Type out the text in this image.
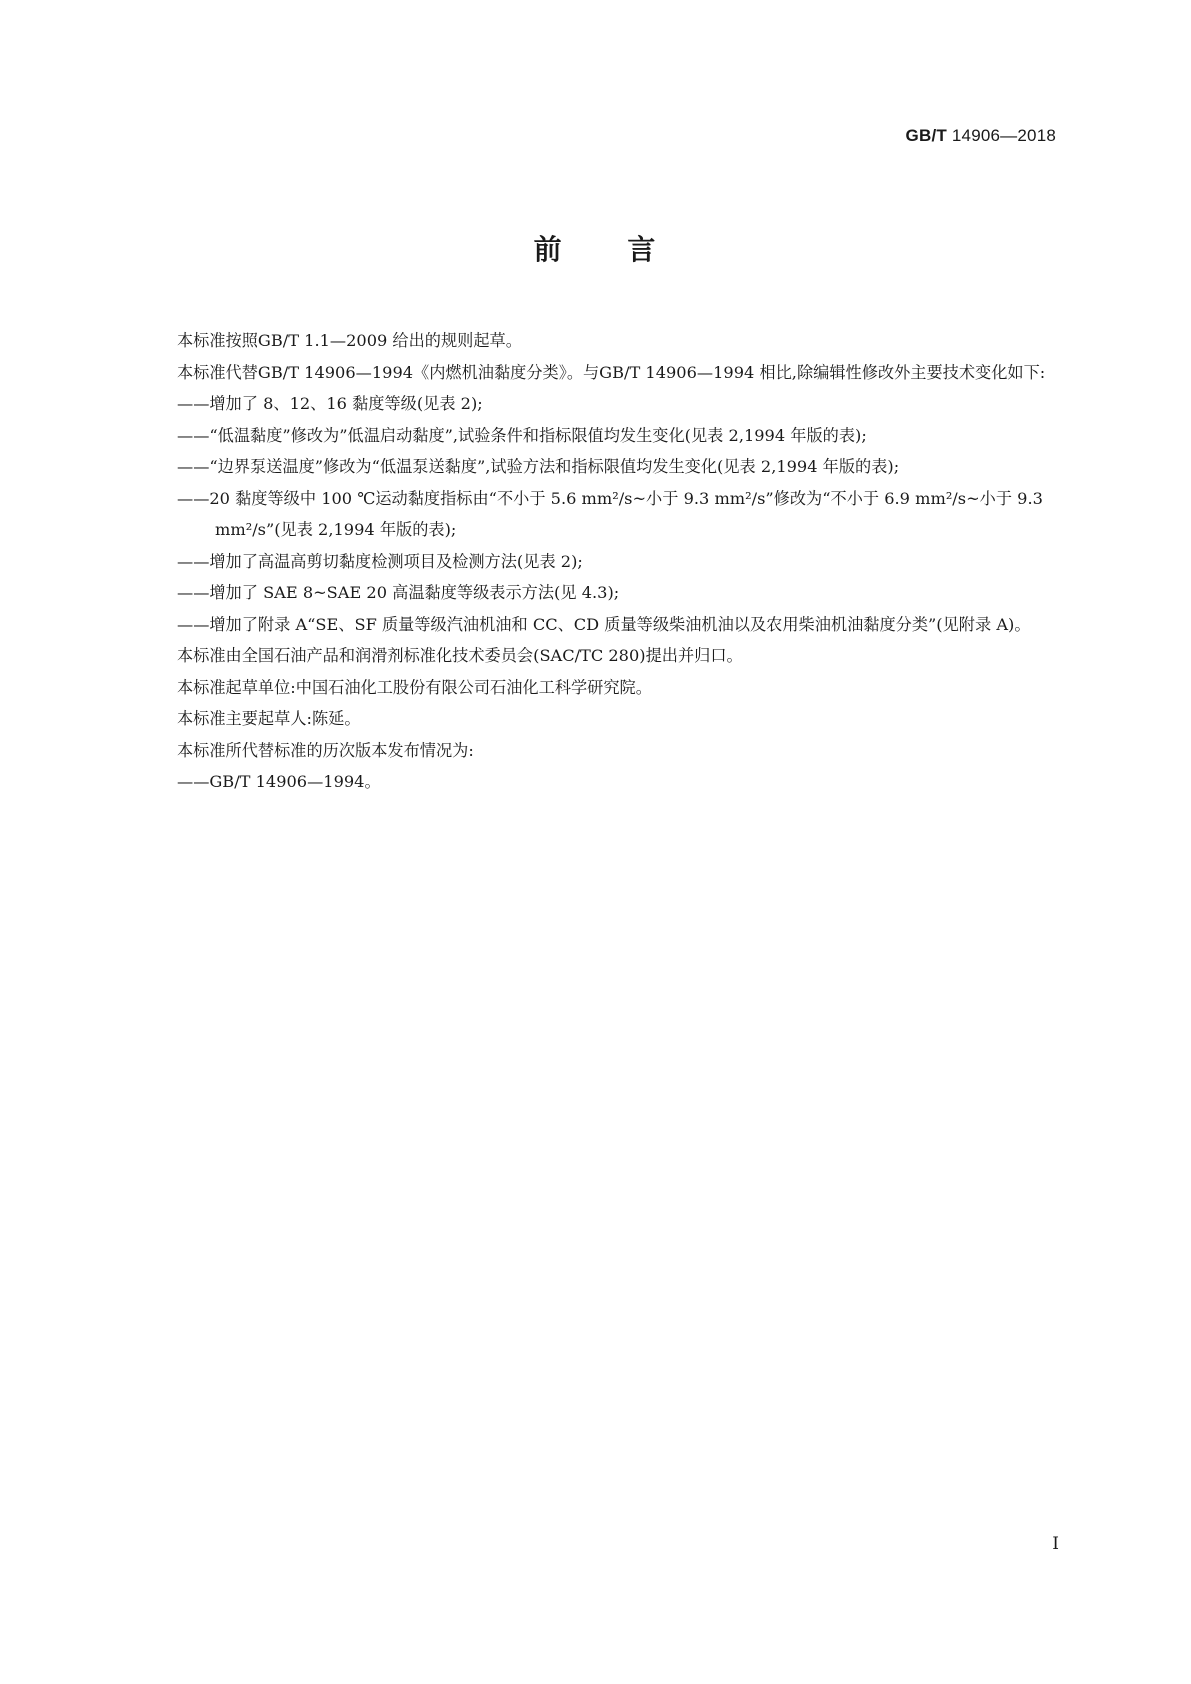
GB/T 14906—2018
前 言

本标准按照GB/T 1.1—2009 给出的规则起草。

本标准代替GB/T 14906—1994《内燃机油黏度分类》。与GB/T 14906—1994 相比,除编辑性修改外主要技术变化如下:

——增加了 8、12、16 黏度等级(见表 2);

——“低温黏度”修改为”低温启动黏度”,试验条件和指标限值均发生变化(见表 2,1994 年版的表);

——“边界泵送温度”修改为“低温泵送黏度”,试验方法和指标限值均发生变化(见表 2,1994 年版的表);

——20 黏度等级中 100 ℃运动黏度指标由“不小于 5.6 mm²/s~小于 9.3 mm²/s”修改为“不小于 6.9 mm²/s~小于 9.3 mm²/s”(见表 2,1994 年版的表);

——增加了高温高剪切黏度检测项目及检测方法(见表 2);

——增加了 SAE 8~SAE 20 高温黏度等级表示方法(见 4.3);

——增加了附录 A“SE、SF 质量等级汽油机油和 CC、CD 质量等级柴油机油以及农用柴油机油黏度分类”(见附录 A)。

本标准由全国石油产品和润滑剂标准化技术委员会(SAC/TC 280)提出并归口。

本标准起草单位:中国石油化工股份有限公司石油化工科学研究院。

本标准主要起草人:陈延。

本标准所代替标准的历次版本发布情况为:

——GB/T 14906—1994。

I
